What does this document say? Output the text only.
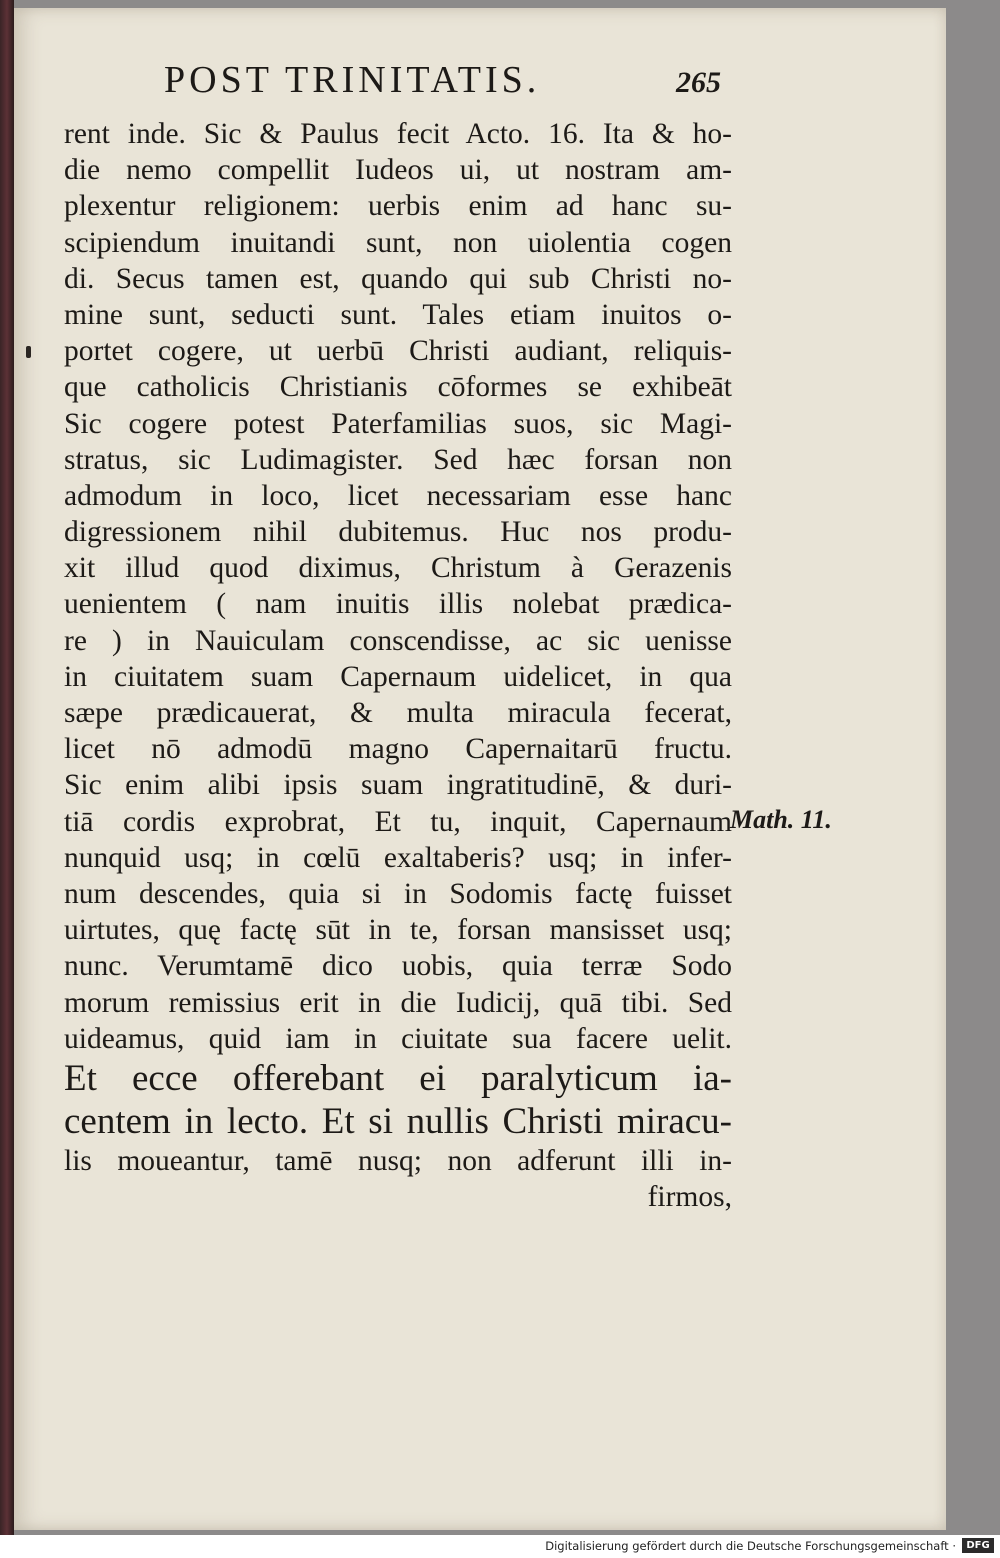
POST TRINITATIS.	265
rent inde. Sic & Paulus fecit Acto. 16. Ita & ho-
die nemo compellit Iudeos ui, ut nostram am-
plexentur religionem: uerbis enim ad hanc su-
scipiendum inuitandi sunt, non uiolentia cogen
di. Secus tamen est, quando qui sub Christi no-
mine sunt, seducti sunt. Tales etiam inuitos o-
portet cogere, ut uerbū Christi audiant, reliquis-
que catholicis Christianis cōformes se exhibeāt
Sic cogere potest Paterfamilias suos, sic Magi-
stratus, sic Ludimagister. Sed hæc forsan non
admodum in loco, licet necessariam esse hanc
digressionem nihil dubitemus. Huc nos produ-
xit illud quod diximus, Christum à Gerazenis
uenientem ( nam inuitis illis nolebat prædica-
re ) in Nauiculam conscendisse, ac sic uenisse
in ciuitatem suam Capernaum uidelicet, in qua
sæpe prædicauerat, & multa miracula fecerat,
licet nō admodū magno Capernaitarū fructu.
Sic enim alibi ipsis suam ingratitudinē, & duri-
tiā cordis exprobrat, Et tu, inquit, Capernaum
nunquid usq; in cœlū exaltaberis? usq; in infer-
num descendes, quia si in Sodomis factę fuisset
uirtutes, quę factę sūt in te, forsan mansisset usq;
nunc. Verumtamē dico uobis, quia terræ Sodo
morum remissius erit in die Iudicij, quā tibi. Sed
uideamus, quid iam in ciuitate sua facere uelit.
Et ecce offerebant ei paralyticum ia-
centem in lecto. Et si nullis Christi miracu-
lis moueantur, tamē nusq; non adferunt illi in-
firmos,
Math. 11.
Digitalisierung gefördert durch die Deutsche Forschungsgemeinschaft ·	DFG
